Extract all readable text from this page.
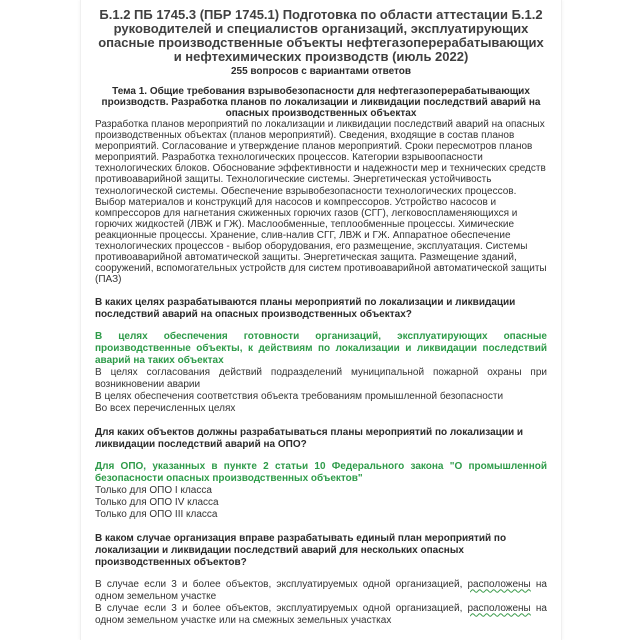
Б.1.2 ПБ 1745.3 (ПБР 1745.1) Подготовка по области аттестации Б.1.2 руководителей и специалистов организаций, эксплуатирующих опасные производственные объекты нефтегазоперерабатывающих и нефтехимических производств (июль 2022)

255 вопросов с вариантами ответов

Тема 1. Общие требования взрывобезопасности для нефтегазоперерабатывающих производств. Разработка планов по локализации и ликвидации последствий аварий на опасных производственных объектах

Разработка планов мероприятий по локализации и ликвидации последствий аварий на опасных производственных объектах (планов мероприятий). Сведения, входящие в состав планов мероприятий. Согласование и утверждение планов мероприятий. Сроки пересмотров планов мероприятий. Разработка технологических процессов. Категории взрывоопасности технологических блоков. Обоснование эффективности и надежности мер и технических средств противоаварийной защиты. Технологические системы. Энергетическая устойчивость технологической системы. Обеспечение взрывобезопасности технологических процессов. Выбор материалов и конструкций для насосов и компрессоров. Устройство насосов и компрессоров для нагнетания сжиженных горючих газов (СГГ), легковоспламеняющихся и горючих жидкостей (ЛВЖ и ГЖ). Маслообменные, теплообменные процессы. Химические реакционные процессы. Хранение, слив-налив СГГ, ЛВЖ и ГЖ. Аппаратное обеспечение технологических процессов - выбор оборудования, его размещение, эксплуатация. Системы противоаварийной автоматической защиты. Энергетическая защита. Размещение зданий, сооружений, вспомогательных устройств для систем противоаварийной автоматической защиты (ПАЗ)

В каких целях разрабатываются планы мероприятий по локализации и ликвидации последствий аварий на опасных производственных объектах?

В целях обеспечения готовности организаций, эксплуатирующих опасные производственные объекты, к действиям по локализации и ликвидации последствий аварий на таких объектах

В целях согласования действий подразделений муниципальной пожарной охраны при возникновении аварии

В целях обеспечения соответствия объекта требованиям промышленной безопасности

Во всех перечисленных целях

Для каких объектов должны разрабатываться планы мероприятий по локализации и ликвидации последствий аварий на ОПО?

Для ОПО, указанных в пункте 2 статьи 10 Федерального закона "О промышленной безопасности опасных производственных объектов"

Только для ОПО I класса

Только для ОПО IV класса

Только для ОПО III класса

В каком случае организация вправе разрабатывать единый план мероприятий по локализации и ликвидации последствий аварий для нескольких опасных производственных объектов?

В случае если 3 и более объектов, эксплуатируемых одной организацией, расположены на одном земельном участке

В случае если 3 и более объектов, эксплуатируемых одной организацией, расположены на одном земельном участке или на смежных земельных участках
